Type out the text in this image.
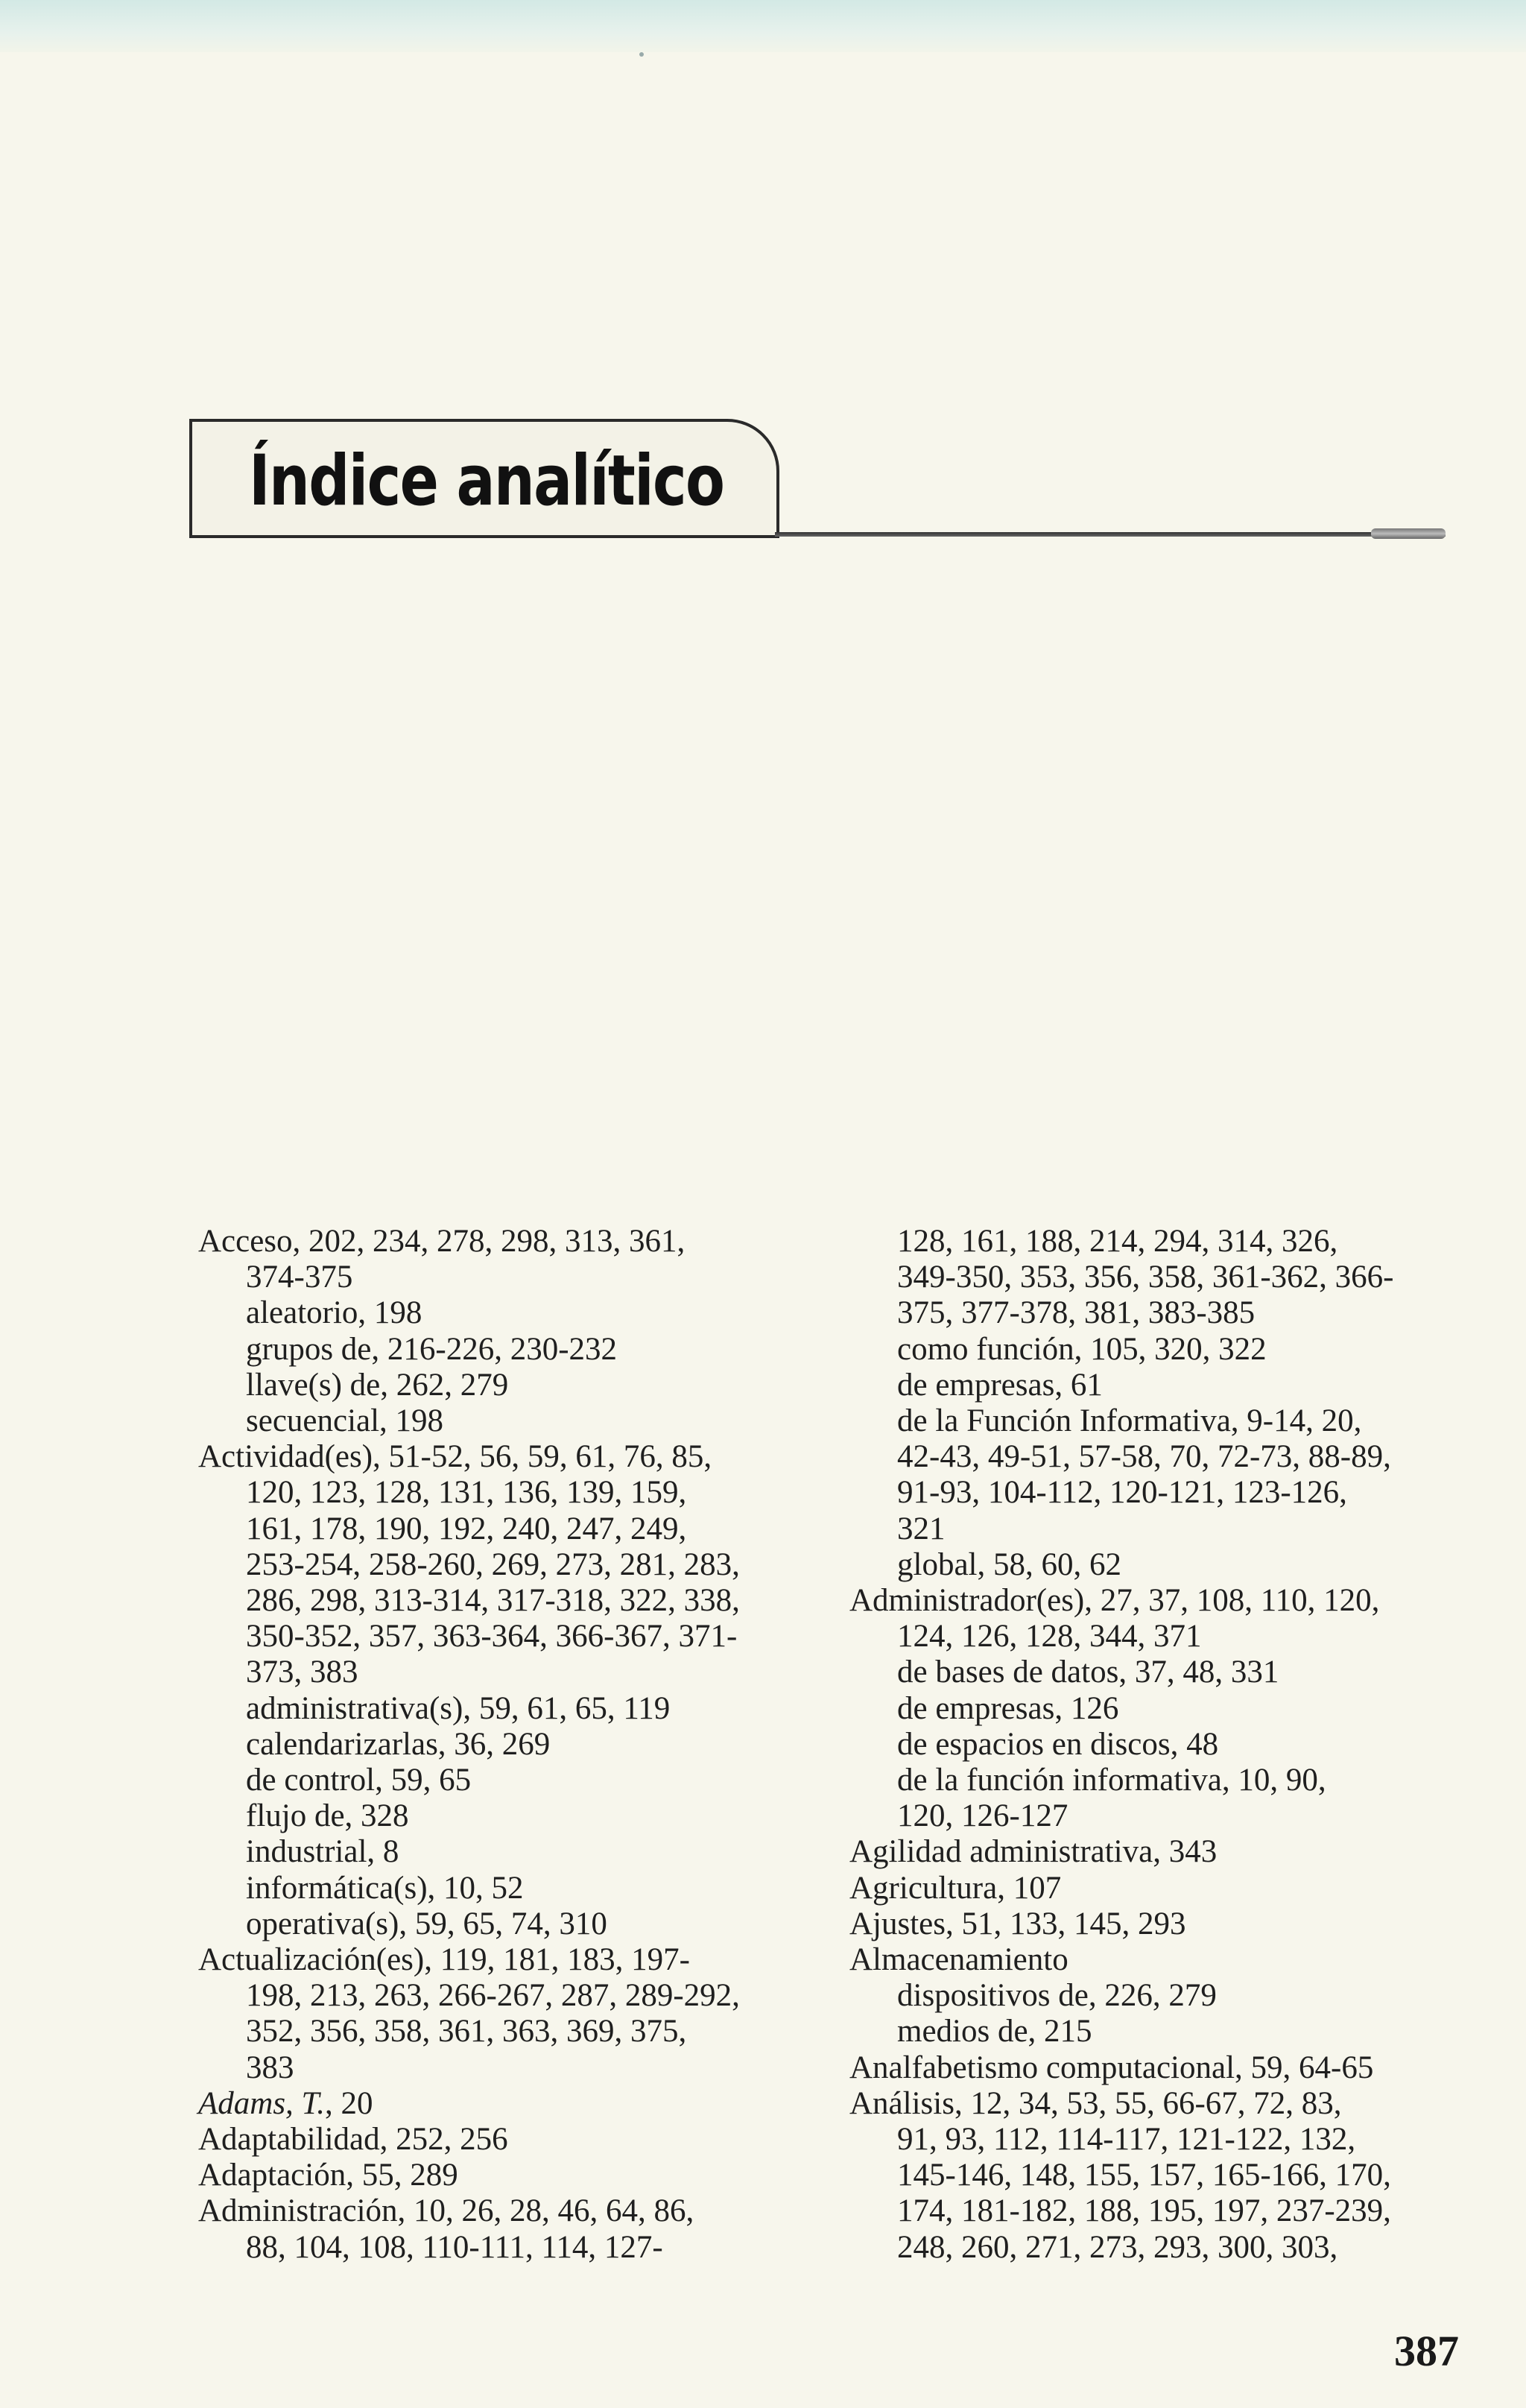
Índice analítico
Acceso, 202, 234, 278, 298, 313, 361,
374-375
aleatorio, 198
grupos de, 216-226, 230-232
llave(s) de, 262, 279
secuencial, 198
Actividad(es), 51-52, 56, 59, 61, 76, 85,
120, 123, 128, 131, 136, 139, 159,
161, 178, 190, 192, 240, 247, 249,
253-254, 258-260, 269, 273, 281, 283,
286, 298, 313-314, 317-318, 322, 338,
350-352, 357, 363-364, 366-367, 371-
373, 383
administrativa(s), 59, 61, 65, 119
calendarizarlas, 36, 269
de control, 59, 65
flujo de, 328
industrial, 8
informática(s), 10, 52
operativa(s), 59, 65, 74, 310
Actualización(es), 119, 181, 183, 197-
198, 213, 263, 266-267, 287, 289-292,
352, 356, 358, 361, 363, 369, 375,
383
Adams, T., 20
Adaptabilidad, 252, 256
Adaptación, 55, 289
Administración, 10, 26, 28, 46, 64, 86,
88, 104, 108, 110-111, 114, 127-
128, 161, 188, 214, 294, 314, 326,
349-350, 353, 356, 358, 361-362, 366-
375, 377-378, 381, 383-385
como función, 105, 320, 322
de empresas, 61
de la Función Informativa, 9-14, 20,
42-43, 49-51, 57-58, 70, 72-73, 88-89,
91-93, 104-112, 120-121, 123-126,
321
global, 58, 60, 62
Administrador(es), 27, 37, 108, 110, 120,
124, 126, 128, 344, 371
de bases de datos, 37, 48, 331
de empresas, 126
de espacios en discos, 48
de la función informativa, 10, 90,
120, 126-127
Agilidad administrativa, 343
Agricultura, 107
Ajustes, 51, 133, 145, 293
Almacenamiento
dispositivos de, 226, 279
medios de, 215
Analfabetismo computacional, 59, 64-65
Análisis, 12, 34, 53, 55, 66-67, 72, 83,
91, 93, 112, 114-117, 121-122, 132,
145-146, 148, 155, 157, 165-166, 170,
174, 181-182, 188, 195, 197, 237-239,
248, 260, 271, 273, 293, 300, 303,
387
